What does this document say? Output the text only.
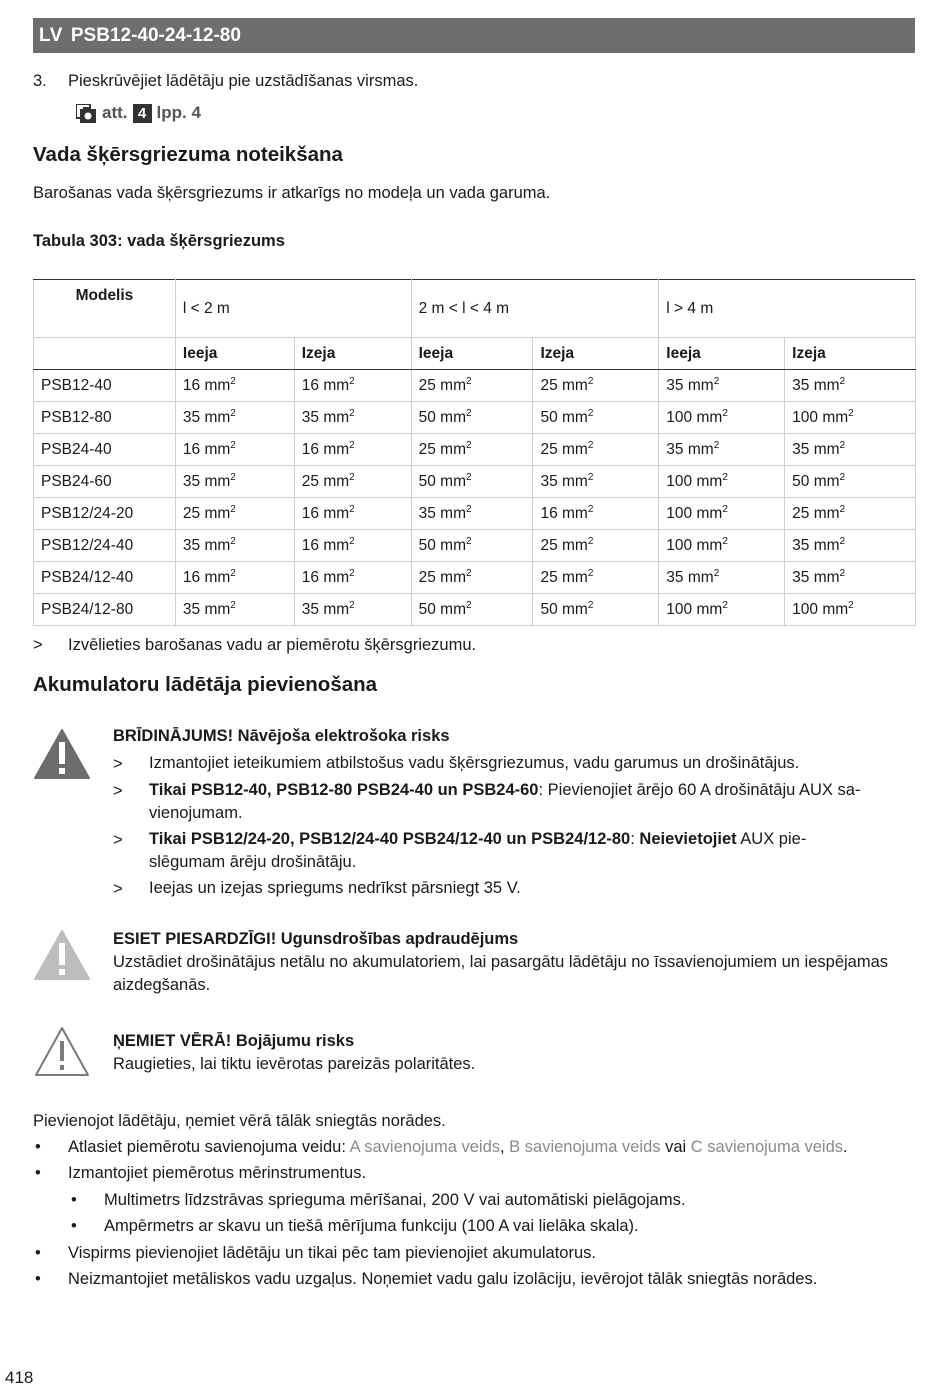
LV PSB12-40-24-12-80
3. Pieskrūvējiet lādētāju pie uzstādīšanas virsmas.
att. 4 lpp. 4
Vada šķērsgriezuma noteikšana

Barošanas vada šķērsgriezums ir atkarīgs no modeļa un vada garuma.

Tabula 303: vada šķērsgriezums

Modelis	l < 2 m		2 m < l < 4 m		l > 4 m	
	Ieeja	Izeja	Ieeja	Izeja	Ieeja	Izeja
PSB12-40	16 $mm^2$	16 $mm^2$	25 $mm^2$	25 $mm^2$	35 $mm^2$	35 $mm^2$
PSB12-80	35 $mm^2$	35 $mm^2$	50 $mm^2$	50 $mm^2$	100 $mm^2$	100 $mm^2$
PSB24-40	16 $mm^2$	16 $mm^2$	25 $mm^2$	25 $mm^2$	35 $mm^2$	35 $mm^2$
PSB24-60	35 $mm^2$	25 $mm^2$	50 $mm^2$	35 $mm^2$	100 $mm^2$	50 $mm^2$
PSB12/24-20	25 $mm^2$	16 $mm^2$	35 $mm^2$	16 $mm^2$	100 $mm^2$	25 $mm^2$
PSB12/24-40	35 $mm^2$	16 $mm^2$	50 $mm^2$	25 $mm^2$	100 $mm^2$	35 $mm^2$
PSB24/12-40	16 $mm^2$	16 $mm^2$	25 $mm^2$	25 $mm^2$	35 $mm^2$	35 $mm^2$
PSB24/12-80	35 $mm^2$	35 $mm^2$	50 $mm^2$	50 $mm^2$	100 $mm^2$	100 $mm^2$
> Izvēlieties barošanas vadu ar piemērotu šķērsgriezumu.
Akumulatoru lādētāja pievienošana
BRĪDINĀJUMS! Nāvējoša elektrošoka risks
> Izmantojiet ieteikumiem atbilstošus vadu šķērsgriezumus, vadu garumus un drošinātājus.
> Tikai PSB12-40, PSB12-80 PSB24-40 un PSB24-60: Pievienojiet ārējo 60 A drošinātāju AUX sa-
vienojumam.
> Tikai PSB12/24-20, PSB12/24-40 PSB24/12-40 un PSB24/12-80: Neievietojiet AUX pie-
slēgumam ārēju drošinātāju.
> Ieejas un izejas spriegums nedrīkst pārsniegt 35 V.
ESIET PIESARDZĪGI! Ugunsdrošības apdraudējums
Uzstādiet drošinātājus netālu no akumulatoriem, lai pasargātu lādētāju no īssavienojumiem un iespējamas
aizdegšanās.
ŅEMIET VĒRĀ! Bojājumu risks
Raugieties, lai tiktu ievērotas pareizās polaritātes.
Pievienojot lādētāju, ņemiet vērā tālāk sniegtās norādes.
• Atlasiet piemērotu savienojuma veidu: A savienojuma veids, B savienojuma veids vai C savienojuma veids.
• Izmantojiet piemērotus mērinstrumentus.
• Multimetrs līdzstrāvas sprieguma mērīšanai, 200 V vai automātiski pielāgojams.
• Ampērmetrs ar skavu un tiešā mērījuma funkciju (100 A vai lielāka skala).
• Vispirms pievienojiet lādētāju un tikai pēc tam pievienojiet akumulatorus.
• Neizmantojiet metāliskos vadu uzgaļus. Noņemiet vadu galu izolāciju, ievērojot tālāk sniegtās norādes.
418
